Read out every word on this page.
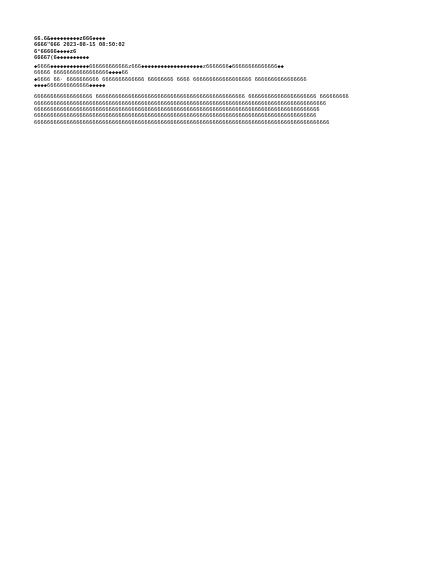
66.6&◆◆◆◆◆◆◆◆◆z666◆◆◆◆
6666"666 2023-08-15 08:50:02
6°66666◆◆◆◆z6
66667(6◆◆◆◆◆◆◆◆◆◆
◆6666◆◆◆◆◆◆◆◆◆◆◆◆666666666666z666◆◆◆◆◆◆◆◆◆◆◆◆◆◆◆◆◆◆◆z6666666◆66666666666666◆◆
66666 66666666666666666◆◆◆◆66
◆6666 66· 6666666666 6666666666666 66666666 6666 666666666666666666 6666666666666666
◆◆◆◆6666666666666◆◆◆◆◆
666666666666666666 6666666666666666666666666666666666666666666666 666666666666666666666 666666666
666666666666666666666666666666666666666666666666666666666666666666666666666666666666666666
6666666666666666666666666666666666666666666666666666666666666666666666666666666666666666
666666666666666666666666666666666666666666666666666666666666666666666666666666666666666
6666666666666666666666666666666666666666666666666666666666666666666666666666666666666666666
